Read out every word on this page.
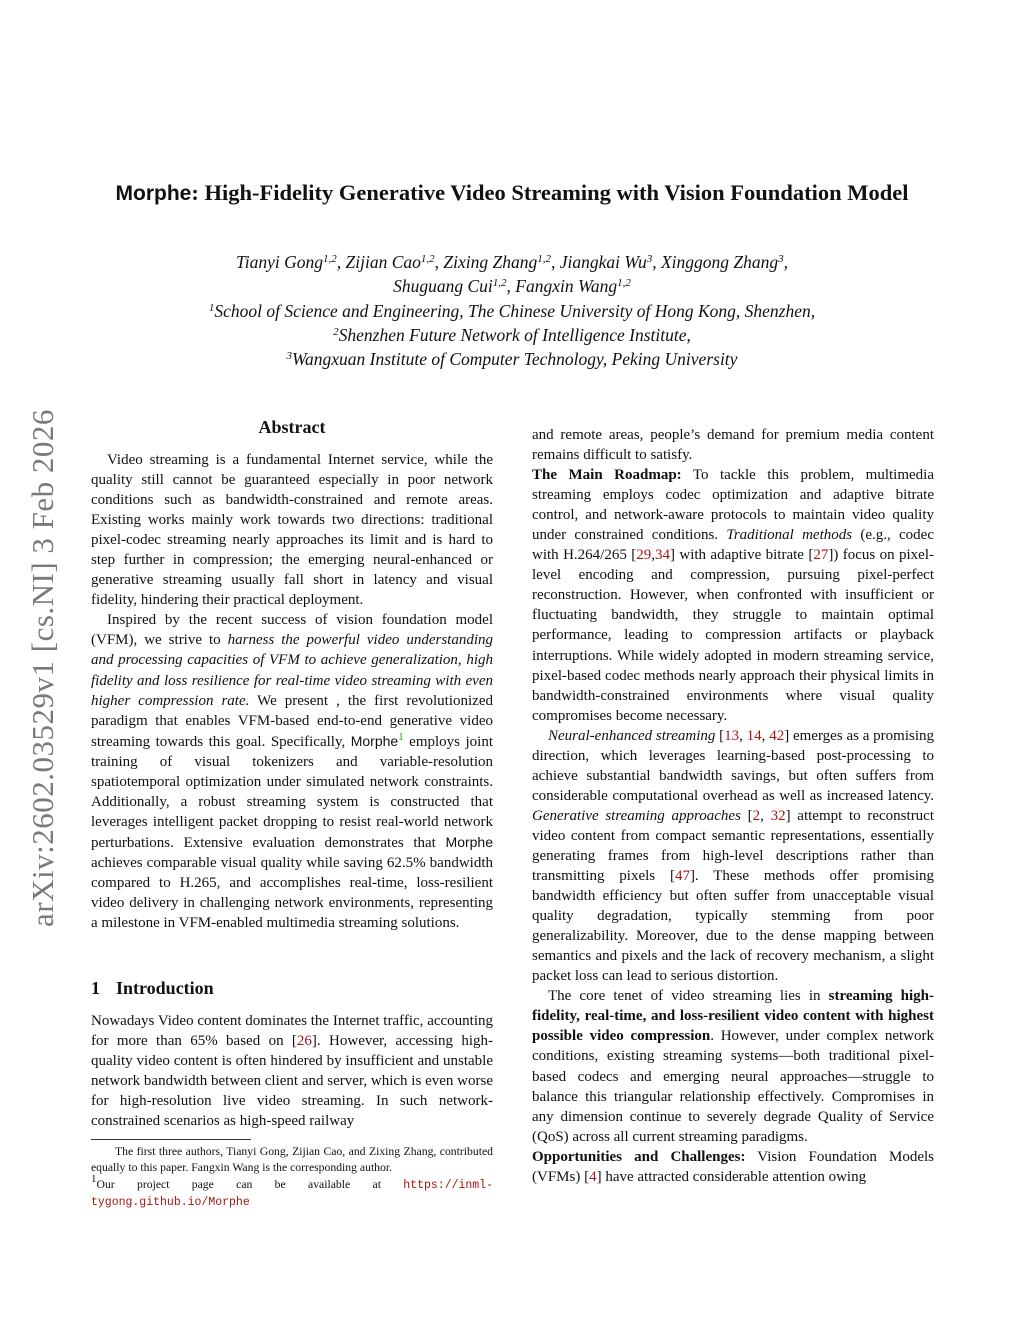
arXiv:2602.03529v1 [cs.NI] 3 Feb 2026
Morphe: High-Fidelity Generative Video Streaming with Vision Foundation Model
Tianyi Gong$^{1,2}$, Zijian Cao$^{1,2}$, Zixing Zhang$^{1,2}$, Jiangkai Wu$^3$, Xinggong Zhang$^3$,
Shuguang Cui$^{1,2}$, Fangxin Wang$^{1,2}$
$^1$School of Science and Engineering, The Chinese University of Hong Kong, Shenzhen,
$^2$Shenzhen Future Network of Intelligence Institute,
$^3$Wangxuan Institute of Computer Technology, Peking University
Abstract

Video streaming is a fundamental Internet service, while the quality still cannot be guaranteed especially in poor network conditions such as bandwidth-constrained and remote areas. Existing works mainly work towards two directions: traditional pixel-codec streaming nearly approaches its limit and is hard to step further in compression; the emerging neural-enhanced or generative streaming usually fall short in latency and visual fidelity, hindering their practical deployment.

Inspired by the recent success of vision foundation model (VFM), we strive to harness the powerful video understanding and processing capacities of VFM to achieve generalization, high fidelity and loss resilience for real-time video streaming with even higher compression rate. We present , the first revolutionized paradigm that enables VFM-based end-to-end generative video streaming towards this goal. Specifically, Morphe$^1$ employs joint training of visual tokenizers and variable-resolution spatiotemporal optimization under simulated network constraints. Additionally, a robust streaming system is constructed that leverages intelligent packet dropping to resist real-world network perturbations. Extensive evaluation demonstrates that Morphe achieves comparable visual quality while saving 62.5% bandwidth compared to H.265, and accomplishes real-time, loss-resilient video delivery in challenging network environments, representing a milestone in VFM-enabled multimedia streaming solutions.

1 Introduction

Nowadays Video content dominates the Internet traffic, accounting for more than 65% based on [26]. However, accessing high-quality video content is often hindered by insufficient and unstable network bandwidth between client and server, which is even worse for high-resolution live video streaming. In such network-constrained scenarios as high-speed railway

The first three authors, Tianyi Gong, Zijian Cao, and Zixing Zhang, contributed equally to this paper. Fangxin Wang is the corresponding author.

$^1$Our project page can be available at https://inml-tygong.github.io/Morphe

and remote areas, people’s demand for premium media content remains difficult to satisfy.

The Main Roadmap: To tackle this problem, multimedia streaming employs codec optimization and adaptive bitrate control, and network-aware protocols to maintain video quality under constrained conditions. Traditional methods (e.g., codec with H.264/265 [29,34] with adaptive bitrate [27]) focus on pixel-level encoding and compression, pursuing pixel-perfect reconstruction. However, when confronted with insufficient or fluctuating bandwidth, they struggle to maintain optimal performance, leading to compression artifacts or playback interruptions. While widely adopted in modern streaming service, pixel-based codec methods nearly approach their physical limits in bandwidth-constrained environments where visual quality compromises become necessary.

Neural-enhanced streaming [13, 14, 42] emerges as a promising direction, which leverages learning-based post-processing to achieve substantial bandwidth savings, but often suffers from considerable computational overhead as well as increased latency. Generative streaming approaches [2, 32] attempt to reconstruct video content from compact semantic representations, essentially generating frames from high-level descriptions rather than transmitting pixels [47]. These methods offer promising bandwidth efficiency but often suffer from unacceptable visual quality degradation, typically stemming from poor generalizability. Moreover, due to the dense mapping between semantics and pixels and the lack of recovery mechanism, a slight packet loss can lead to serious distortion.

The core tenet of video streaming lies in streaming high-fidelity, real-time, and loss-resilient video content with highest possible video compression. However, under complex network conditions, existing streaming systems—both traditional pixel-based codecs and emerging neural approaches—struggle to balance this triangular relationship effectively. Compromises in any dimension continue to severely degrade Quality of Service (QoS) across all current streaming paradigms.

Opportunities and Challenges: Vision Foundation Models (VFMs) [4] have attracted considerable attention owing
